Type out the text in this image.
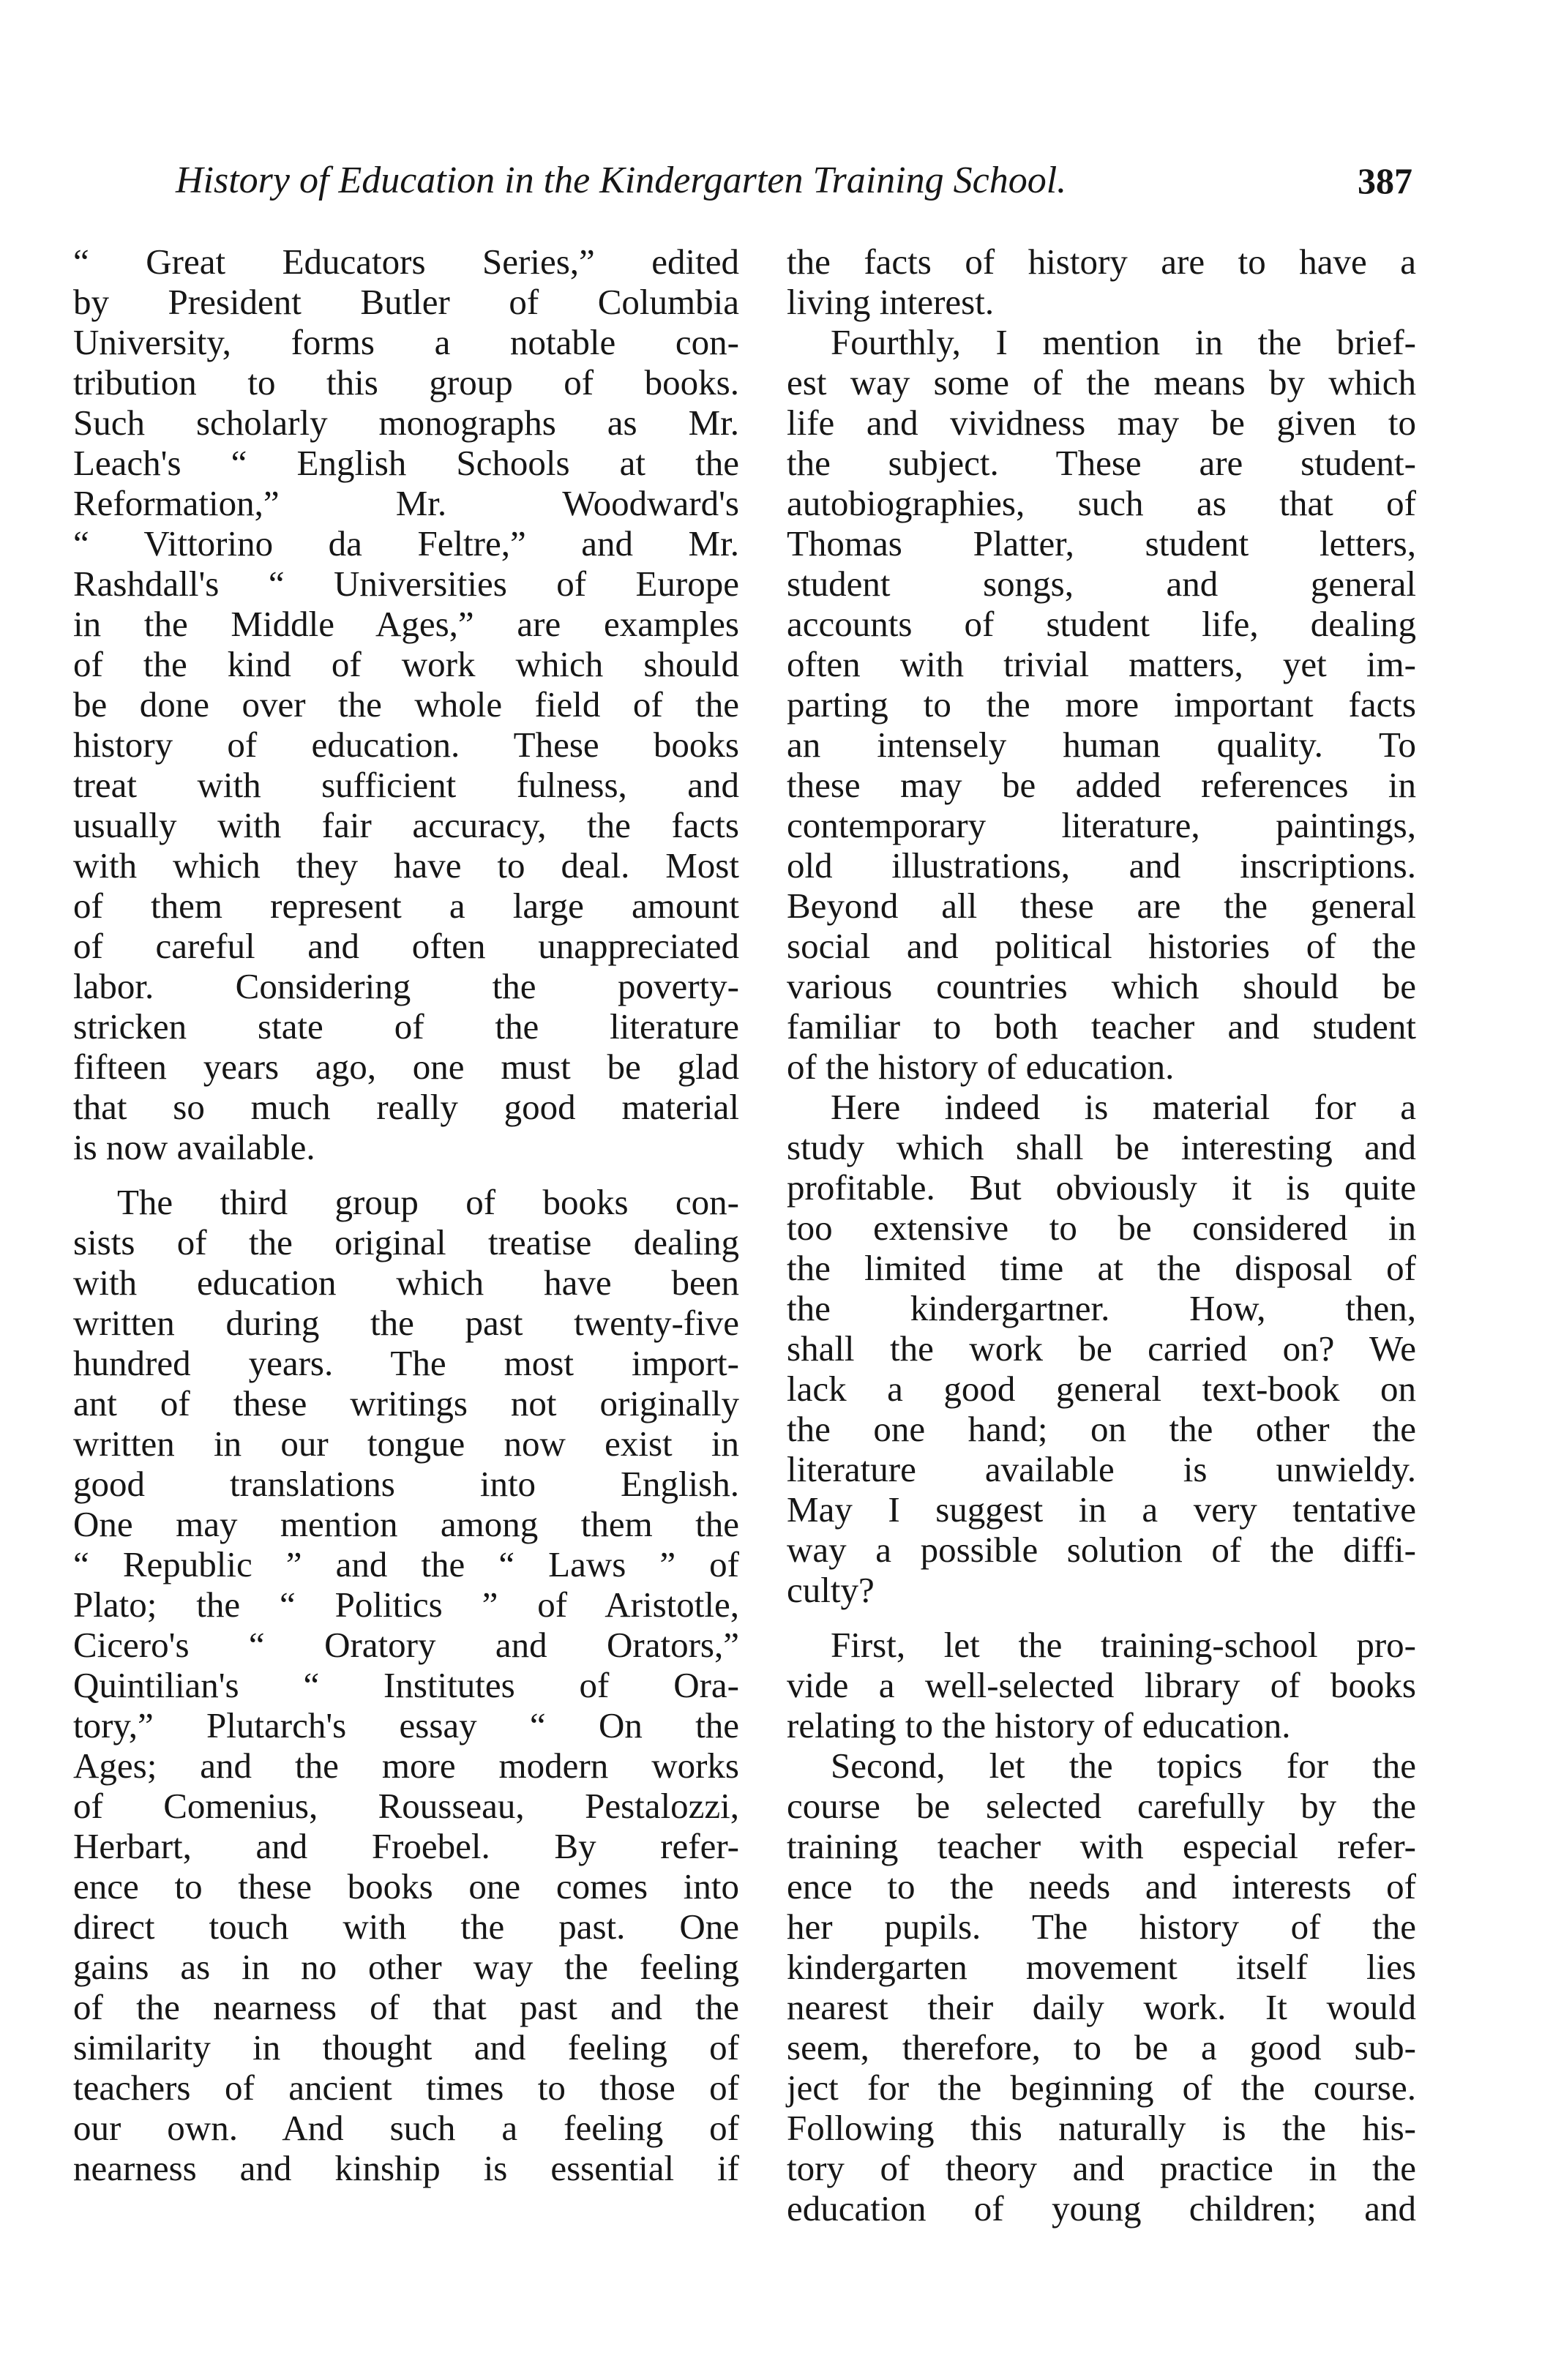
History of Education in the Kindergarten Training School.	387
“ Great Educators Series,” edited
by President Butler of Columbia
University, forms a notable con-
tribution to this group of books.
Such scholarly monographs as Mr.
Leach's “ English Schools at the
Reformation,” Mr. Woodward's
“ Vittorino da Feltre,” and Mr.
Rashdall's “ Universities of Europe
in the Middle Ages,” are examples
of the kind of work which should
be done over the whole field of the
history of education. These books
treat with sufficient fulness, and
usually with fair accuracy, the facts
with which they have to deal. Most
of them represent a large amount
of careful and often unappreciated
labor. Considering the poverty-
stricken state of the literature
fifteen years ago, one must be glad
that so much really good material
is now available.
The third group of books con-
sists of the original treatise dealing
with education which have been
written during the past twenty-five
hundred years. The most import-
ant of these writings not originally
written in our tongue now exist in
good translations into English.
One may mention among them the
“ Republic ” and the “ Laws ” of
Plato; the “ Politics ” of Aristotle,
Cicero's “ Oratory and Orators,”
Quintilian's “ Institutes of Ora-
tory,” Plutarch's essay “ On the
Ages; and the more modern works
of Comenius, Rousseau, Pestalozzi,
Herbart, and Froebel. By refer-
ence to these books one comes into
direct touch with the past. One
gains as in no other way the feeling
of the nearness of that past and the
similarity in thought and feeling of
teachers of ancient times to those of
our own. And such a feeling of
nearness and kinship is essential if
the facts of history are to have a
living interest.
Fourthly, I mention in the brief-
est way some of the means by which
life and vividness may be given to
the subject. These are student-
autobiographies, such as that of
Thomas Platter, student letters,
student songs, and general
accounts of student life, dealing
often with trivial matters, yet im-
parting to the more important facts
an intensely human quality. To
these may be added references in
contemporary literature, paintings,
old illustrations, and inscriptions.
Beyond all these are the general
social and political histories of the
various countries which should be
familiar to both teacher and student
of the history of education.
Here indeed is material for a
study which shall be interesting and
profitable. But obviously it is quite
too extensive to be considered in
the limited time at the disposal of
the kindergartner. How, then,
shall the work be carried on? We
lack a good general text-book on
the one hand; on the other the
literature available is unwieldy.
May I suggest in a very tentative
way a possible solution of the diffi-
culty?
First, let the training-school pro-
vide a well-selected library of books
relating to the history of education.
Second, let the topics for the
course be selected carefully by the
training teacher with especial refer-
ence to the needs and interests of
her pupils. The history of the
kindergarten movement itself lies
nearest their daily work. It would
seem, therefore, to be a good sub-
ject for the beginning of the course.
Following this naturally is the his-
tory of theory and practice in the
education of young children; and
